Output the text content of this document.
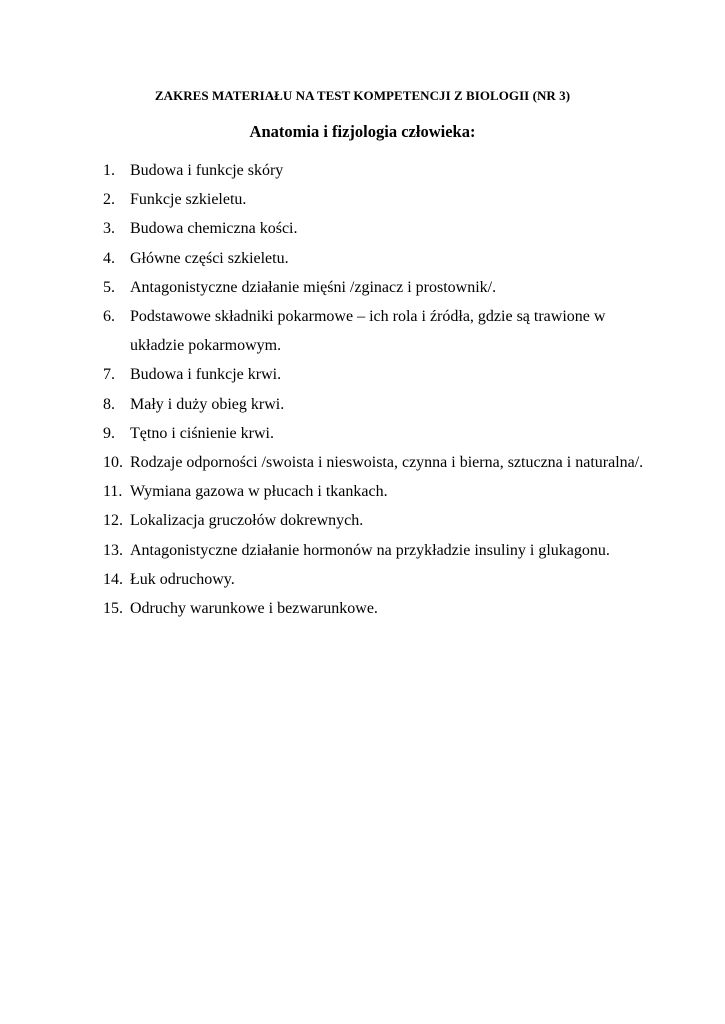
ZAKRES MATERIAŁU NA TEST KOMPETENCJI Z BIOLOGII (NR 3)
Anatomia i fizjologia człowieka:
1. Budowa i funkcje skóry
2. Funkcje szkieletu.
3. Budowa chemiczna kości.
4. Główne części szkieletu.
5. Antagonistyczne działanie mięśni /zginacz i prostownik/.
6. Podstawowe składniki pokarmowe – ich rola i źródła, gdzie są trawione w układzie pokarmowym.
7. Budowa i funkcje krwi.
8. Mały i duży obieg krwi.
9. Tętno i ciśnienie krwi.
10. Rodzaje odporności /swoista i nieswoista, czynna i bierna, sztuczna i naturalna/.
11. Wymiana gazowa w płucach i tkankach.
12. Lokalizacja gruczołów dokrewnych.
13. Antagonistyczne działanie hormonów na przykładzie insuliny i glukagonu.
14. Łuk odruchowy.
15. Odruchy warunkowe i bezwarunkowe.
